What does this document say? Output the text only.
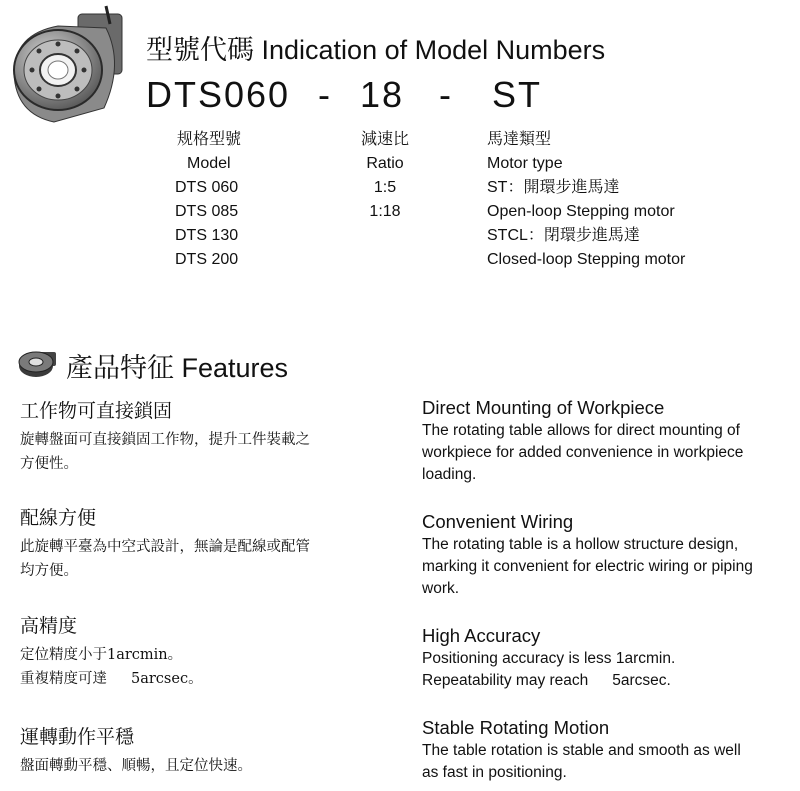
型號代碼 Indication of Model Numbers
DTS060 - 18 - ST
规格型號
Model
DTS 060
DTS 085
DTS 130
DTS 200
減速比
Ratio
1:5
1:18
馬達類型
Motor type
ST：開環步進馬達
Open-loop Stepping motor
STCL：閉環步進馬達
Closed-loop Stepping motor
產品特征 Features
工作物可直接鎖固
旋轉盤面可直接鎖固工作物，提升工件裝載之
方便性。
配線方便
此旋轉平臺為中空式設計，無論是配線或配管
均方便。
高精度
定位精度小于1arcmin。
重複精度可達 5arcsec。
運轉動作平穩
盤面轉動平穩、順暢，且定位快速。
Direct Mounting of Workpiece
The rotating table allows for direct mounting of
workpiece for added convenience in workpiece
loading.
Convenient Wiring
The rotating table is a hollow structure design,
marking it convenient for electric wiring or piping
work.
High Accuracy
Positioning accuracy is less 1arcmin.
Repeatability may reach 5arcsec.
Stable Rotating Motion
The table rotation is stable and smooth as well
as fast in positioning.
